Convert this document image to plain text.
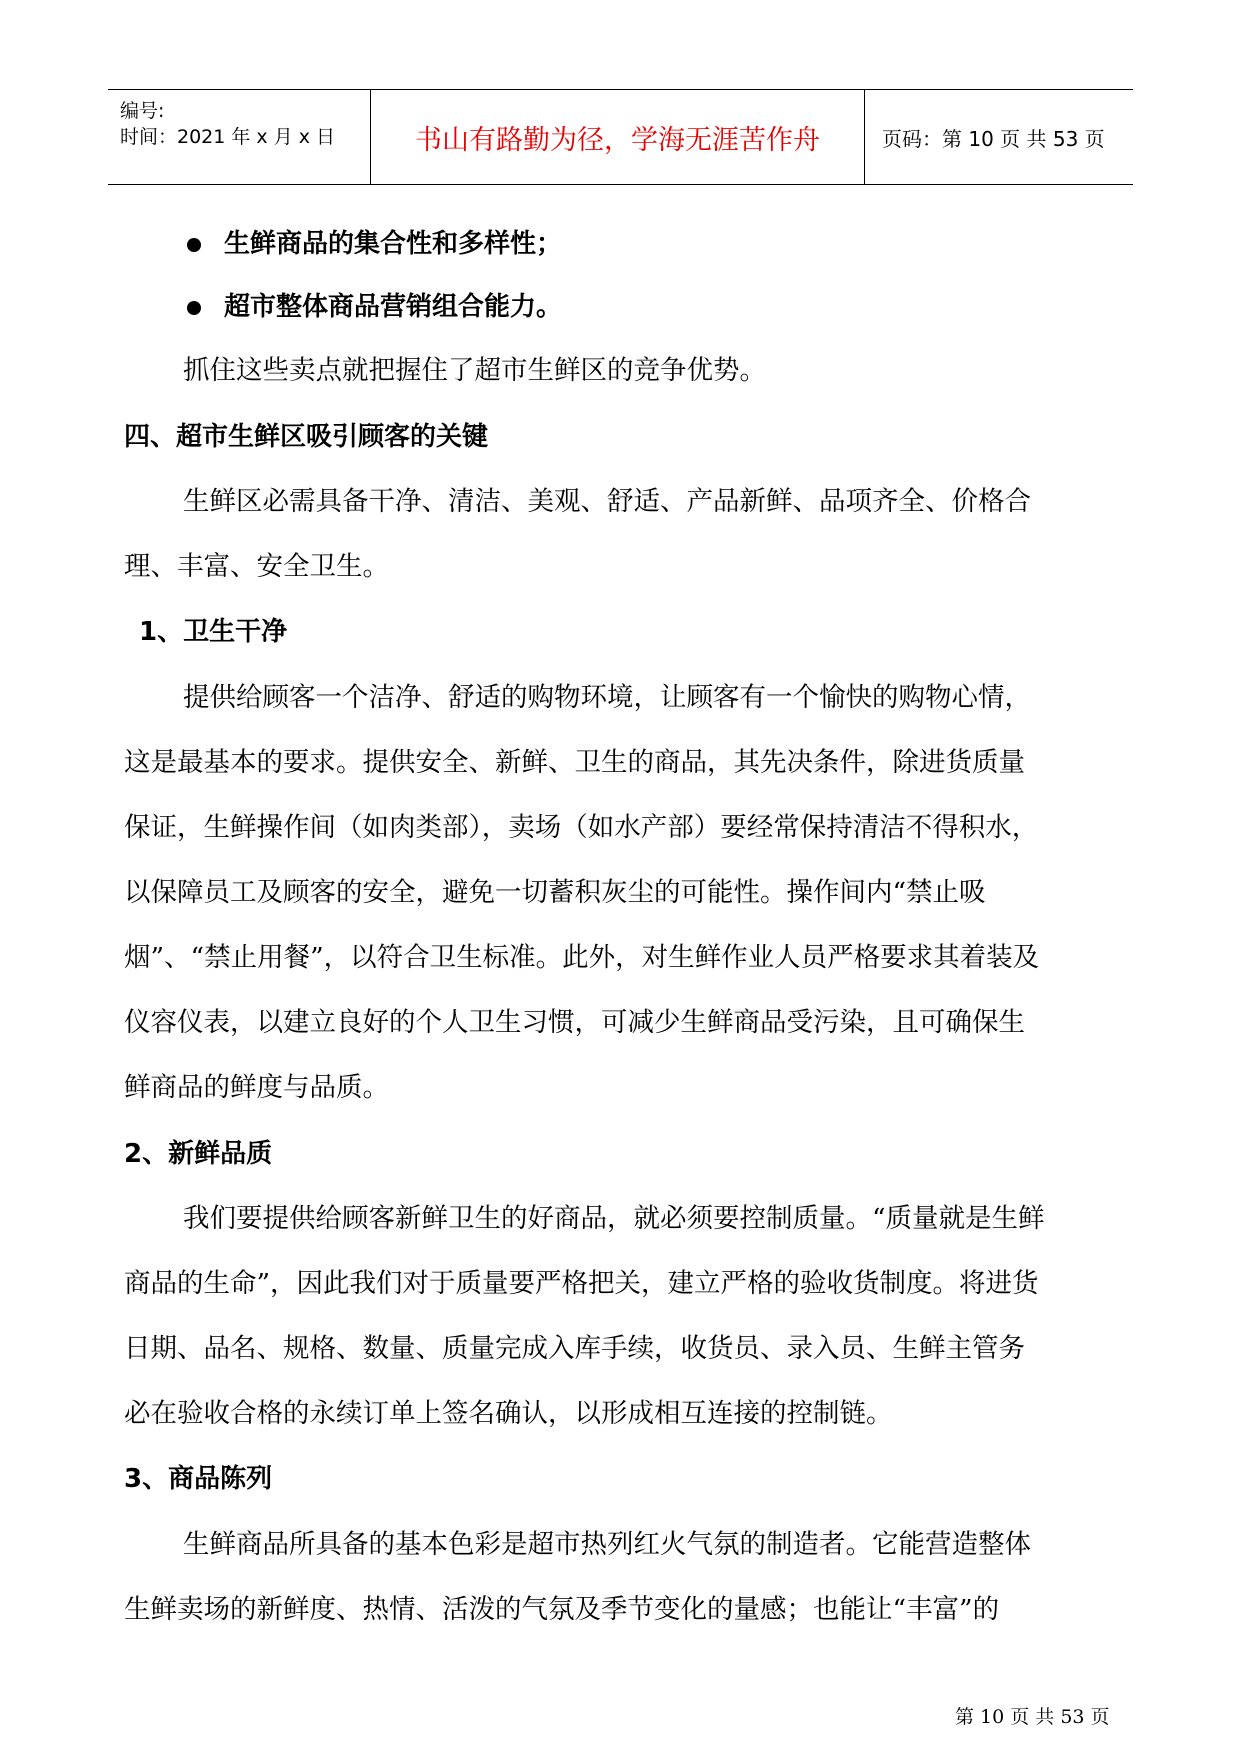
编号:
时间：2021 年 x 月 x 日	书山有路勤为径，学海无涯苦作舟	页码：第 10 页 共 53 页
生鲜商品的集合性和多样性；
超市整体商品营销组合能力。
抓住这些卖点就把握住了超市生鲜区的竞争优势。
四、超市生鲜区吸引顾客的关键
生鲜区必需具备干净、清洁、美观、舒适、产品新鲜、品项齐全、价格合
理、丰富、安全卫生。
1、卫生干净
提供给顾客一个洁净、舒适的购物环境，让顾客有一个愉快的购物心情，
这是最基本的要求。提供安全、新鲜、卫生的商品，其先决条件，除进货质量
保证，生鲜操作间（如肉类部），卖场（如水产部）要经常保持清洁不得积水，
以保障员工及顾客的安全，避免一切蓄积灰尘的可能性。操作间内“禁止吸
烟”、“禁止用餐”，以符合卫生标准。此外，对生鲜作业人员严格要求其着装及
仪容仪表，以建立良好的个人卫生习惯，可减少生鲜商品受污染，且可确保生
鲜商品的鲜度与品质。
2、新鲜品质
我们要提供给顾客新鲜卫生的好商品，就必须要控制质量。“质量就是生鲜
商品的生命”，因此我们对于质量要严格把关，建立严格的验收货制度。将进货
日期、品名、规格、数量、质量完成入库手续，收货员、录入员、生鲜主管务
必在验收合格的永续订单上签名确认，以形成相互连接的控制链。
3、商品陈列
生鲜商品所具备的基本色彩是超市热列红火气氛的制造者。它能营造整体
生鲜卖场的新鲜度、热情、活泼的气氛及季节变化的量感；也能让“丰富”的
第 10 页 共 53 页
